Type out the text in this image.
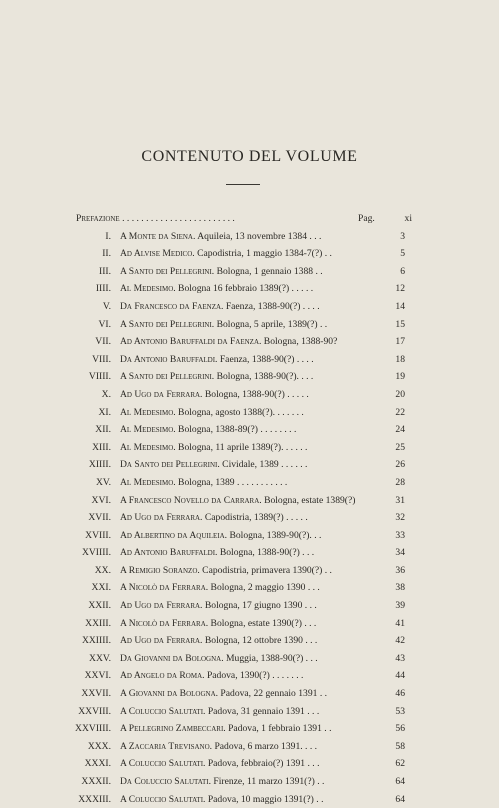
CONTENUTO DEL VOLUME
Prefazione . . . . . . . . . . . . . . . . . . . . . . . .	Pag.	xi
I. A Monte da Siena. Aquileia, 13 novembre 1384 . . .	3
II. Ad Alvise Medico. Capodistria, 1 maggio 1384-7(?) . .	5
III. A Santo dei Pellegrini. Bologna, 1 gennaio 1388 . .	6
IIII. Al Medesimo. Bologna 16 febbraio 1389(?) . . . . .	12
V. Da Francesco da Faenza. Faenza, 1388-90(?) . . . .	14
VI. A Santo dei Pellegrini. Bologna, 5 aprile, 1389(?) . .	15
VII. Ad Antonio Baruffaldi da Faenza. Bologna, 1388-90?	17
VIII. Da Antonio Baruffaldi. Faenza, 1388-90(?) . . . .	18
VIIII. A Santo dei Pellegrini. Bologna, 1388-90(?). . . .	19
X. Ad Ugo da Ferrara. Bologna, 1388-90(?) . . . . .	20
XI. Al Medesimo. Bologna, agosto 1388(?). . . . . . .	22
XII. Al Medesimo. Bologna, 1388-89(?) . . . . . . . .	24
XIII. Al Medesimo. Bologna, 11 aprile 1389(?). . . . . .	25
XIIII. Da Santo dei Pellegrini. Cividale, 1389 . . . . . .	26
XV. Al Medesimo. Bologna, 1389 . . . . . . . . . . .	28
XVI. A Francesco Novello da Carrara. Bologna, estate 1389(?)	31
XVII. Ad Ugo da Ferrara. Capodistria, 1389(?) . . . . .	32
XVIII. Ad Albertino da Aquileia. Bologna, 1389-90(?). . .	33
XVIIII. Ad Antonio Baruffaldi. Bologna, 1388-90(?) . . .	34
XX. A Remigio Soranzo. Capodistria, primavera 1390(?) . .	36
XXI. A Nicolò da Ferrara. Bologna, 2 maggio 1390 . . .	38
XXII. Ad Ugo da Ferrara. Bologna, 17 giugno 1390 . . .	39
XXIII. A Nicolò da Ferrara. Bologna, estate 1390(?) . . .	41
XXIIII. Ad Ugo da Ferrara. Bologna, 12 ottobre 1390 . . .	42
XXV. Da Giovanni da Bologna. Muggia, 1388-90(?) . . .	43
XXVI. Ad Angelo da Roma. Padova, 1390(?) . . . . . . .	44
XXVII. A Giovanni da Bologna. Padova, 22 gennaio 1391 . .	46
XXVIII. A Coluccio Salutati. Padova, 31 gennaio 1391 . . .	53
XXVIIII. A Pellegrino Zambeccari. Padova, 1 febbraio 1391 . .	56
XXX. A Zaccaria Trevisano. Padova, 6 marzo 1391. . . .	58
XXXI. A Coluccio Salutati. Padova, febbraio(?) 1391 . . .	62
XXXII. Da Coluccio Salutati. Firenze, 11 marzo 1391(?) . .	64
XXXIII. A Coluccio Salutati. Padova, 10 maggio 1391(?) . .	64
